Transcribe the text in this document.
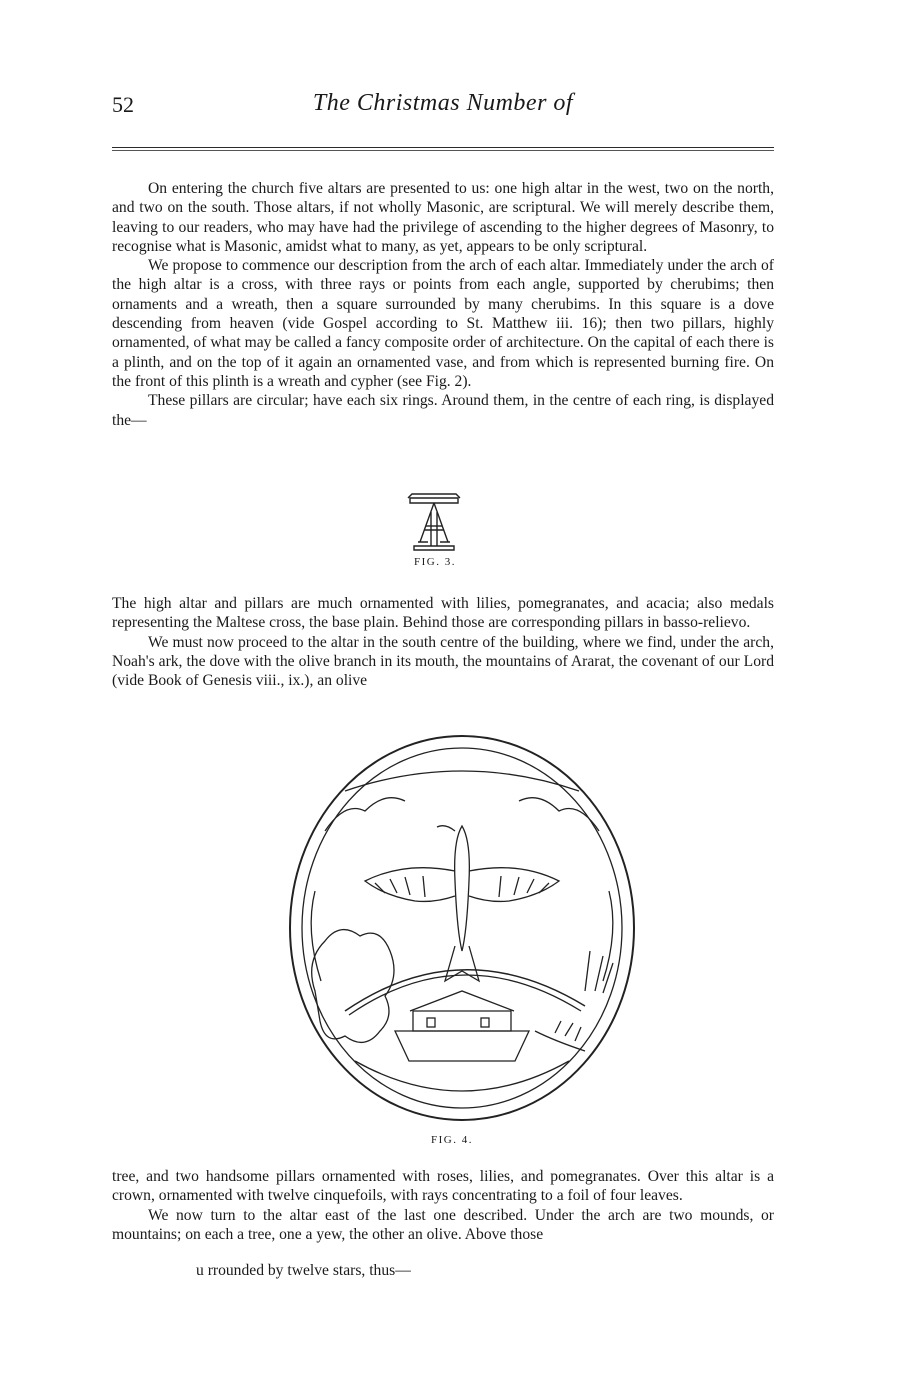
52	The Christmas Number of

On entering the church five altars are presented to us: one high altar in the west, two on the north, and two on the south. Those altars, if not wholly Masonic, are scriptural. We will merely describe them, leaving to our readers, who may have had the privilege of ascending to the higher degrees of Masonry, to recognise what is Masonic, amidst what to many, as yet, appears to be only scriptural.

We propose to commence our description from the arch of each altar. Immediately under the arch of the high altar is a cross, with three rays or points from each angle, supported by cherubims; then ornaments and a wreath, then a square surrounded by many cherubims. In this square is a dove descending from heaven (vide Gospel according to St. Matthew iii. 16); then two pillars, highly ornamented, of what may be called a fancy composite order of architecture. On the capital of each there is a plinth, and on the top of it again an ornamented vase, and from which is represented burning fire. On the front of this plinth is a wreath and cypher (see Fig. 2).

These pillars are circular; have each six rings. Around them, in the centre of each ring, is displayed the—

FIG. 3.

The high altar and pillars are much ornamented with lilies, pomegranates, and acacia; also medals representing the Maltese cross, the base plain. Behind those are corresponding pillars in basso-relievo.

We must now proceed to the altar in the south centre of the building, where we find, under the arch, Noah's ark, the dove with the olive branch in its mouth, the mountains of Ararat, the covenant of our Lord (vide Book of Genesis viii., ix.), an olive

FIG. 4.

tree, and two handsome pillars ornamented with roses, lilies, and pomegranates. Over this altar is a crown, ornamented with twelve cinquefoils, with rays concentrating to a foil of four leaves.

We now turn to the altar east of the last one described. Under the arch are two mounds, or mountains; on each a tree, one a yew, the other an olive. Above those

u rrounded by twelve stars, thus—
